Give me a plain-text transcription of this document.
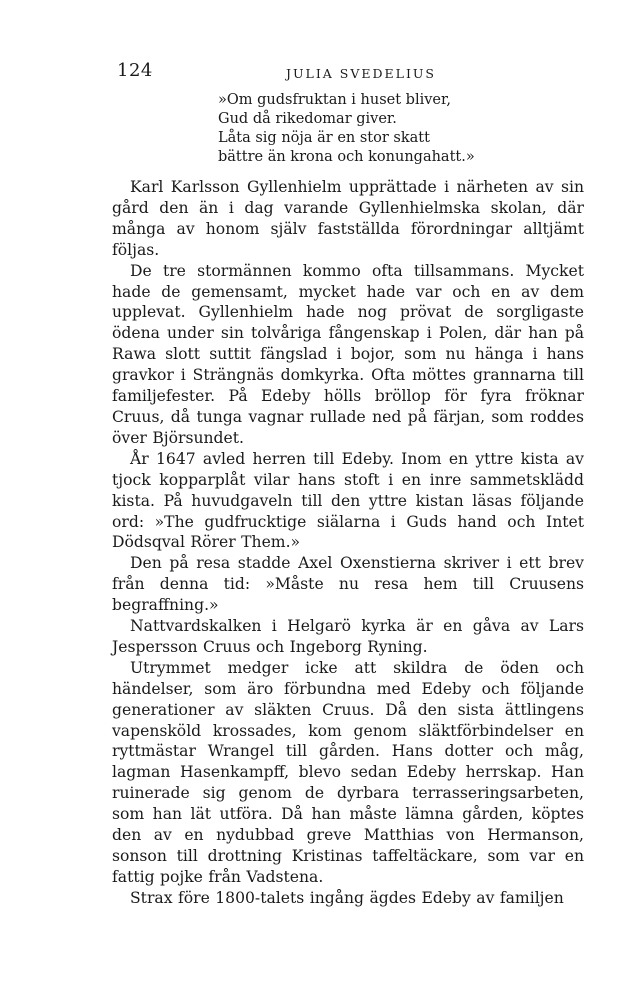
124	JULIA SVEDELIUS
»Om gudsfruktan i huset bliver,
Gud då rikedomar giver.
Låta sig nöja är en stor skatt
bättre än krona och konungahatt.»

Karl Karlsson Gyllenhielm upprättade i närheten av sin gård den än i dag varande Gyllenhielmska skolan, där många av honom själv fastställda förordningar alltjämt följas.

De tre stormännen kommo ofta tillsammans. Mycket hade de gemensamt, mycket hade var och en av dem upplevat. Gyllenhielm hade nog prövat de sorgligaste ödena under sin tolvåriga fångenskap i Polen, där han på Rawa slott suttit fängslad i bojor, som nu hänga i hans gravkor i Strängnäs domkyrka. Ofta möttes grannarna till familjefester. På Edeby hölls bröllop för fyra fröknar Cruus, då tunga vagnar rullade ned på färjan, som roddes över Björsundet.

År 1647 avled herren till Edeby. Inom en yttre kista av tjock kopparplåt vilar hans stoft i en inre sammetsklädd kista. På huvudgaveln till den yttre kistan läsas följande ord: »The gudfrucktige siälarna i Guds hand och Intet Dödsqval Rörer Them.»

Den på resa stadde Axel Oxenstierna skriver i ett brev från denna tid: »Måste nu resa hem till Cruusens begraffning.»

Nattvardskalken i Helgarö kyrka är en gåva av Lars Jespersson Cruus och Ingeborg Ryning.

Utrymmet medger icke att skildra de öden och händelser, som äro förbundna med Edeby och följande generationer av släkten Cruus. Då den sista ättlingens vapensköld krossades, kom genom släktförbindelser en ryttmästar Wrangel till gården. Hans dotter och måg, lagman Hasenkampff, blevo sedan Edeby herrskap. Han ruinerade sig genom de dyrbara terrasseringsarbeten, som han lät utföra. Då han måste lämna gården, köptes den av en nydubbad greve Matthias von Hermanson, sonson till drottning Kristinas taffeltäckare, som var en fattig pojke från Vadstena.

Strax före 1800-talets ingång ägdes Edeby av familjen
